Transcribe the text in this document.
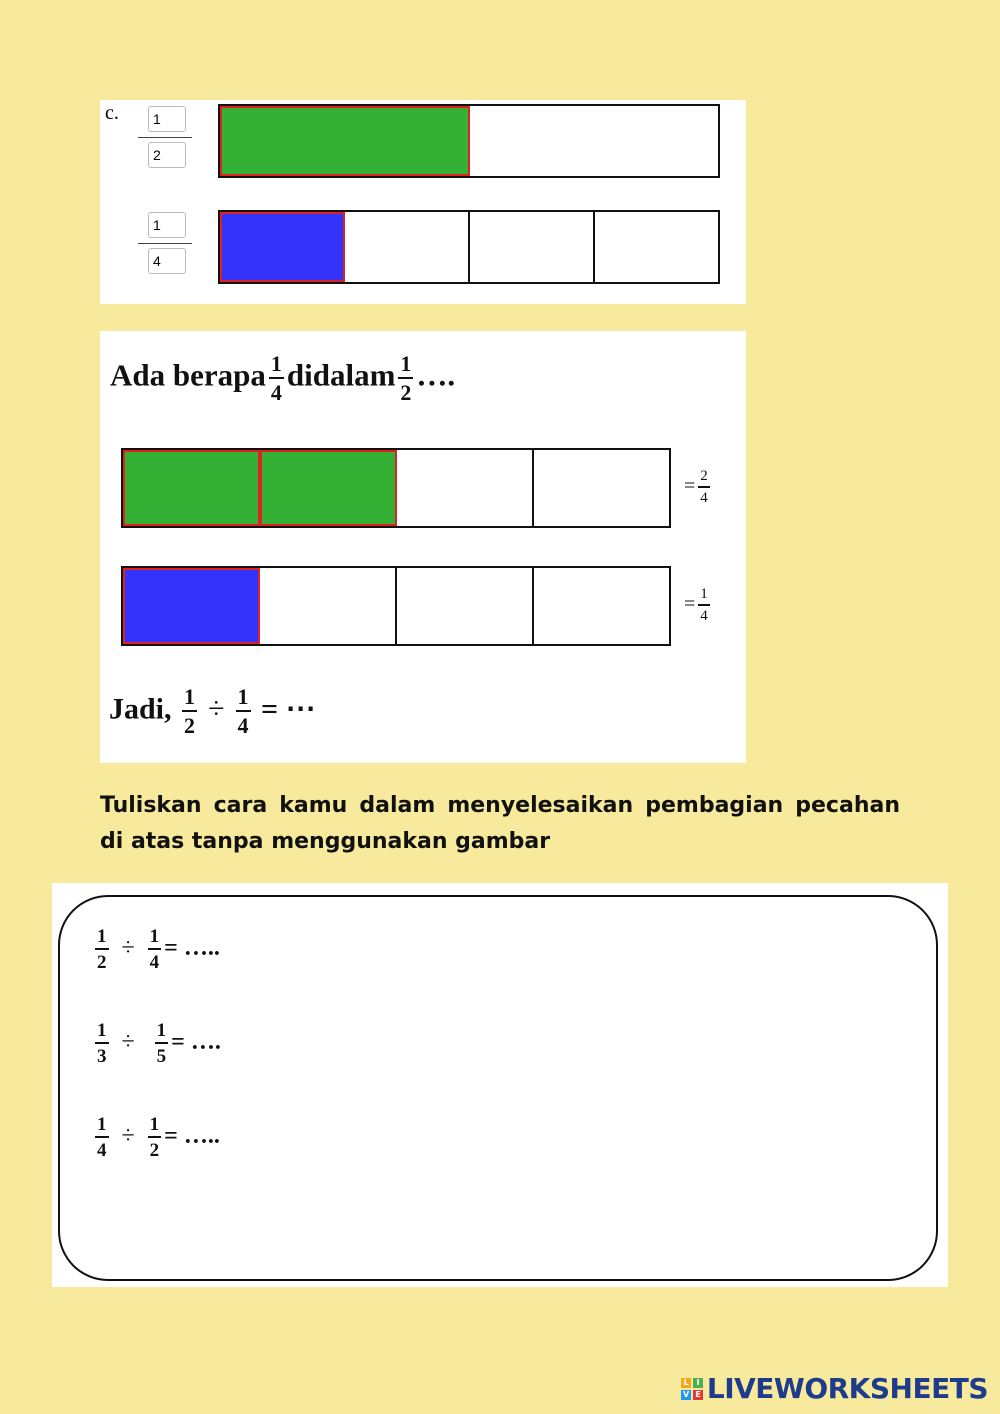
c. $\frac{1}{2}$
$\frac{1}{4}$
Ada berapa $\frac{1}{4}$ didalam $\frac{1}{2}$ ….
= $\frac{2}{4}$
= $\frac{1}{4}$
Jadi, $\frac{1}{2} \div \frac{1}{4}$ = ⋯
Tuliskan cara kamu dalam menyelesaikan pembagian pecahan di atas tanpa menggunakan gambar
$\frac{1}{2} \div \frac{1}{4}$ = …..
$\frac{1}{3} \div \frac{1}{5}$ = ….
$\frac{1}{4} \div \frac{1}{2}$ = …..
L	I
V E LIVEWORKSHEETS
